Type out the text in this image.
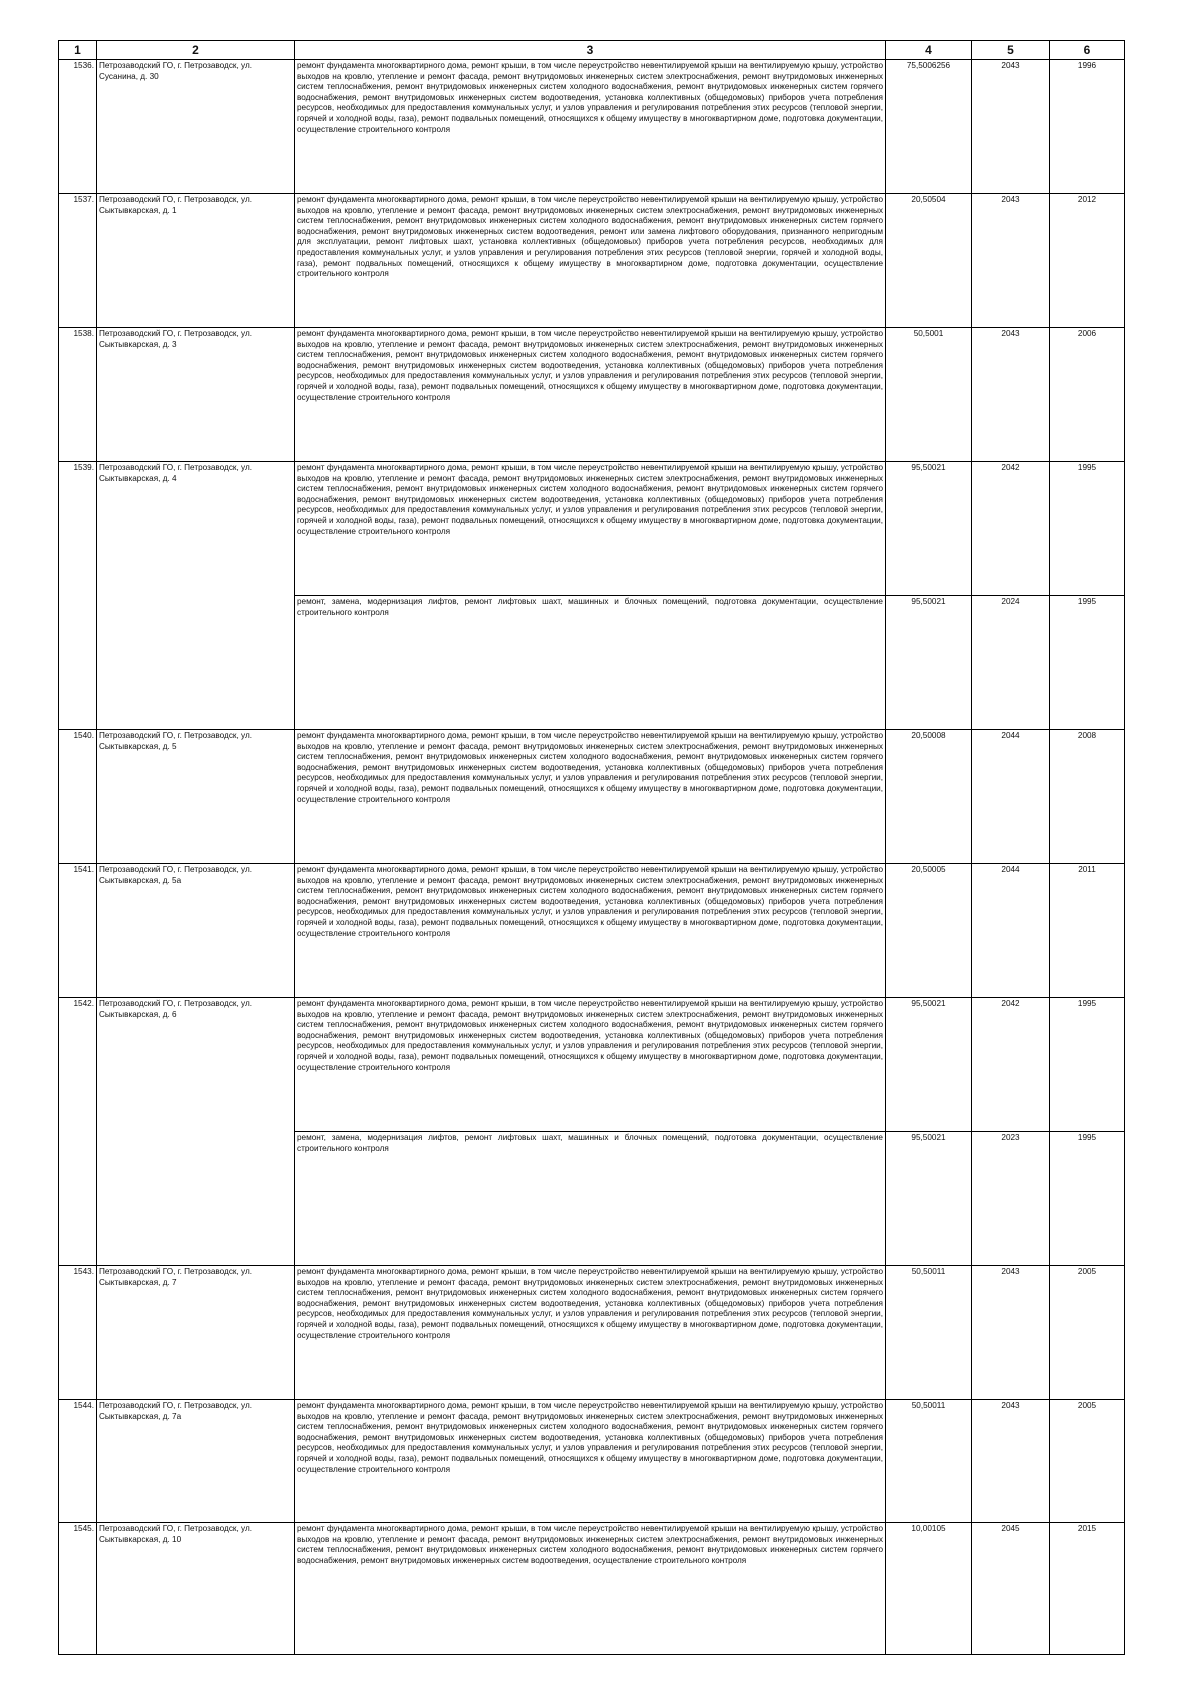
1	2	3	4	5	6
1536.	Петрозаводский ГО, г. Петрозаводск, ул. Сусанина, д. 30	ремонт фундамента многоквартирного дома, ремонт крыши, в том числе переустройство невентилируемой крыши на вентилируемую крышу, устройство выходов на кровлю, утепление и ремонт фасада, ремонт внутридомовых инженерных систем электроснабжения, ремонт внутридомовых инженерных систем теплоснабжения, ремонт внутридомовых инженерных систем холодного водоснабжения, ремонт внутридомовых инженерных систем горячего водоснабжения, ремонт внутридомовых инженерных систем водоотведения, установка коллективных (общедомовых) приборов учета потребления ресурсов, необходимых для предоставления коммунальных услуг, и узлов управления и регулирования потребления этих ресурсов (тепловой энергии, горячей и холодной воды, газа), ремонт подвальных помещений, относящихся к общему имуществу в многоквартирном доме, подготовка документации, осуществление строительного контроля	75,5006256	2043	1996
1537.	Петрозаводский ГО, г. Петрозаводск, ул. Сыктывкарская, д. 1	ремонт фундамента многоквартирного дома, ремонт крыши, в том числе переустройство невентилируемой крыши на вентилируемую крышу, устройство выходов на кровлю, утепление и ремонт фасада, ремонт внутридомовых инженерных систем электроснабжения, ремонт внутридомовых инженерных систем теплоснабжения, ремонт внутридомовых инженерных систем холодного водоснабжения, ремонт внутридомовых инженерных систем горячего водоснабжения, ремонт внутридомовых инженерных систем водоотведения, ремонт или замена лифтового оборудования, признанного непригодным для эксплуатации, ремонт лифтовых шахт, установка коллективных (общедомовых) приборов учета потребления ресурсов, необходимых для предоставления коммунальных услуг, и узлов управления и регулирования потребления этих ресурсов (тепловой энергии, горячей и холодной воды, газа), ремонт подвальных помещений, относящихся к общему имуществу в многоквартирном доме, подготовка документации, осуществление строительного контроля	20,50504	2043	2012
1538.	Петрозаводский ГО, г. Петрозаводск, ул. Сыктывкарская, д. 3	ремонт фундамента многоквартирного дома, ремонт крыши, в том числе переустройство невентилируемой крыши на вентилируемую крышу, устройство выходов на кровлю, утепление и ремонт фасада, ремонт внутридомовых инженерных систем электроснабжения, ремонт внутридомовых инженерных систем теплоснабжения, ремонт внутридомовых инженерных систем холодного водоснабжения, ремонт внутридомовых инженерных систем горячего водоснабжения, ремонт внутридомовых инженерных систем водоотведения, установка коллективных (общедомовых) приборов учета потребления ресурсов, необходимых для предоставления коммунальных услуг, и узлов управления и регулирования потребления этих ресурсов (тепловой энергии, горячей и холодной воды, газа), ремонт подвальных помещений, относящихся к общему имуществу в многоквартирном доме, подготовка документации, осуществление строительного контроля	50,5001	2043	2006
1539.	Петрозаводский ГО, г. Петрозаводск, ул. Сыктывкарская, д. 4	ремонт фундамента многоквартирного дома, ремонт крыши, в том числе переустройство невентилируемой крыши на вентилируемую крышу, устройство выходов на кровлю, утепление и ремонт фасада, ремонт внутридомовых инженерных систем электроснабжения, ремонт внутридомовых инженерных систем теплоснабжения, ремонт внутридомовых инженерных систем холодного водоснабжения, ремонт внутридомовых инженерных систем горячего водоснабжения, ремонт внутридомовых инженерных систем водоотведения, установка коллективных (общедомовых) приборов учета потребления ресурсов, необходимых для предоставления коммунальных услуг, и узлов управления и регулирования потребления этих ресурсов (тепловой энергии, горячей и холодной воды, газа), ремонт подвальных помещений, относящихся к общему имуществу в многоквартирном доме, подготовка документации, осуществление строительного контроля	95,50021	2042	1995
		ремонт, замена, модернизация лифтов, ремонт лифтовых шахт, машинных и блочных помещений, подготовка документации, осуществление строительного контроля	95,50021	2024	1995
1540.	Петрозаводский ГО, г. Петрозаводск, ул. Сыктывкарская, д. 5	ремонт фундамента многоквартирного дома, ремонт крыши, в том числе переустройство невентилируемой крыши на вентилируемую крышу, устройство выходов на кровлю, утепление и ремонт фасада, ремонт внутридомовых инженерных систем электроснабжения, ремонт внутридомовых инженерных систем теплоснабжения, ремонт внутридомовых инженерных систем холодного водоснабжения, ремонт внутридомовых инженерных систем горячего водоснабжения, ремонт внутридомовых инженерных систем водоотведения, установка коллективных (общедомовых) приборов учета потребления ресурсов, необходимых для предоставления коммунальных услуг, и узлов управления и регулирования потребления этих ресурсов (тепловой энергии, горячей и холодной воды, газа), ремонт подвальных помещений, относящихся к общему имуществу в многоквартирном доме, подготовка документации, осуществление строительного контроля	20,50008	2044	2008
1541.	Петрозаводский ГО, г. Петрозаводск, ул. Сыктывкарская, д. 5а	ремонт фундамента многоквартирного дома, ремонт крыши, в том числе переустройство невентилируемой крыши на вентилируемую крышу, устройство выходов на кровлю, утепление и ремонт фасада, ремонт внутридомовых инженерных систем электроснабжения, ремонт внутридомовых инженерных систем теплоснабжения, ремонт внутридомовых инженерных систем холодного водоснабжения, ремонт внутридомовых инженерных систем горячего водоснабжения, ремонт внутридомовых инженерных систем водоотведения, установка коллективных (общедомовых) приборов учета потребления ресурсов, необходимых для предоставления коммунальных услуг, и узлов управления и регулирования потребления этих ресурсов (тепловой энергии, горячей и холодной воды, газа), ремонт подвальных помещений, относящихся к общему имуществу в многоквартирном доме, подготовка документации, осуществление строительного контроля	20,50005	2044	2011
1542.	Петрозаводский ГО, г. Петрозаводск, ул. Сыктывкарская, д. 6	ремонт фундамента многоквартирного дома, ремонт крыши, в том числе переустройство невентилируемой крыши на вентилируемую крышу, устройство выходов на кровлю, утепление и ремонт фасада, ремонт внутридомовых инженерных систем электроснабжения, ремонт внутридомовых инженерных систем теплоснабжения, ремонт внутридомовых инженерных систем холодного водоснабжения, ремонт внутридомовых инженерных систем горячего водоснабжения, ремонт внутридомовых инженерных систем водоотведения, установка коллективных (общедомовых) приборов учета потребления ресурсов, необходимых для предоставления коммунальных услуг, и узлов управления и регулирования потребления этих ресурсов (тепловой энергии, горячей и холодной воды, газа), ремонт подвальных помещений, относящихся к общему имуществу в многоквартирном доме, подготовка документации, осуществление строительного контроля	95,50021	2042	1995
		ремонт, замена, модернизация лифтов, ремонт лифтовых шахт, машинных и блочных помещений, подготовка документации, осуществление строительного контроля	95,50021	2023	1995
1543.	Петрозаводский ГО, г. Петрозаводск, ул. Сыктывкарская, д. 7	ремонт фундамента многоквартирного дома, ремонт крыши, в том числе переустройство невентилируемой крыши на вентилируемую крышу, устройство выходов на кровлю, утепление и ремонт фасада, ремонт внутридомовых инженерных систем электроснабжения, ремонт внутридомовых инженерных систем теплоснабжения, ремонт внутридомовых инженерных систем холодного водоснабжения, ремонт внутридомовых инженерных систем горячего водоснабжения, ремонт внутридомовых инженерных систем водоотведения, установка коллективных (общедомовых) приборов учета потребления ресурсов, необходимых для предоставления коммунальных услуг, и узлов управления и регулирования потребления этих ресурсов (тепловой энергии, горячей и холодной воды, газа), ремонт подвальных помещений, относящихся к общему имуществу в многоквартирном доме, подготовка документации, осуществление строительного контроля	50,50011	2043	2005
1544.	Петрозаводский ГО, г. Петрозаводск, ул. Сыктывкарская, д. 7а	ремонт фундамента многоквартирного дома, ремонт крыши, в том числе переустройство невентилируемой крыши на вентилируемую крышу, устройство выходов на кровлю, утепление и ремонт фасада, ремонт внутридомовых инженерных систем электроснабжения, ремонт внутридомовых инженерных систем теплоснабжения, ремонт внутридомовых инженерных систем холодного водоснабжения, ремонт внутридомовых инженерных систем горячего водоснабжения, ремонт внутридомовых инженерных систем водоотведения, установка коллективных (общедомовых) приборов учета потребления ресурсов, необходимых для предоставления коммунальных услуг, и узлов управления и регулирования потребления этих ресурсов (тепловой энергии, горячей и холодной воды, газа), ремонт подвальных помещений, относящихся к общему имуществу в многоквартирном доме, подготовка документации, осуществление строительного контроля	50,50011	2043	2005
1545.	Петрозаводский ГО, г. Петрозаводск, ул. Сыктывкарская, д. 10	ремонт фундамента многоквартирного дома, ремонт крыши, в том числе переустройство невентилируемой крыши на вентилируемую крышу, устройство выходов на кровлю, утепление и ремонт фасада, ремонт внутридомовых инженерных систем электроснабжения, ремонт внутридомовых инженерных систем теплоснабжения, ремонт внутридомовых инженерных систем холодного водоснабжения, ремонт внутридомовых инженерных систем горячего водоснабжения, ремонт внутридомовых инженерных систем водоотведения, осуществление строительного контроля	10,00105	2045	2015
